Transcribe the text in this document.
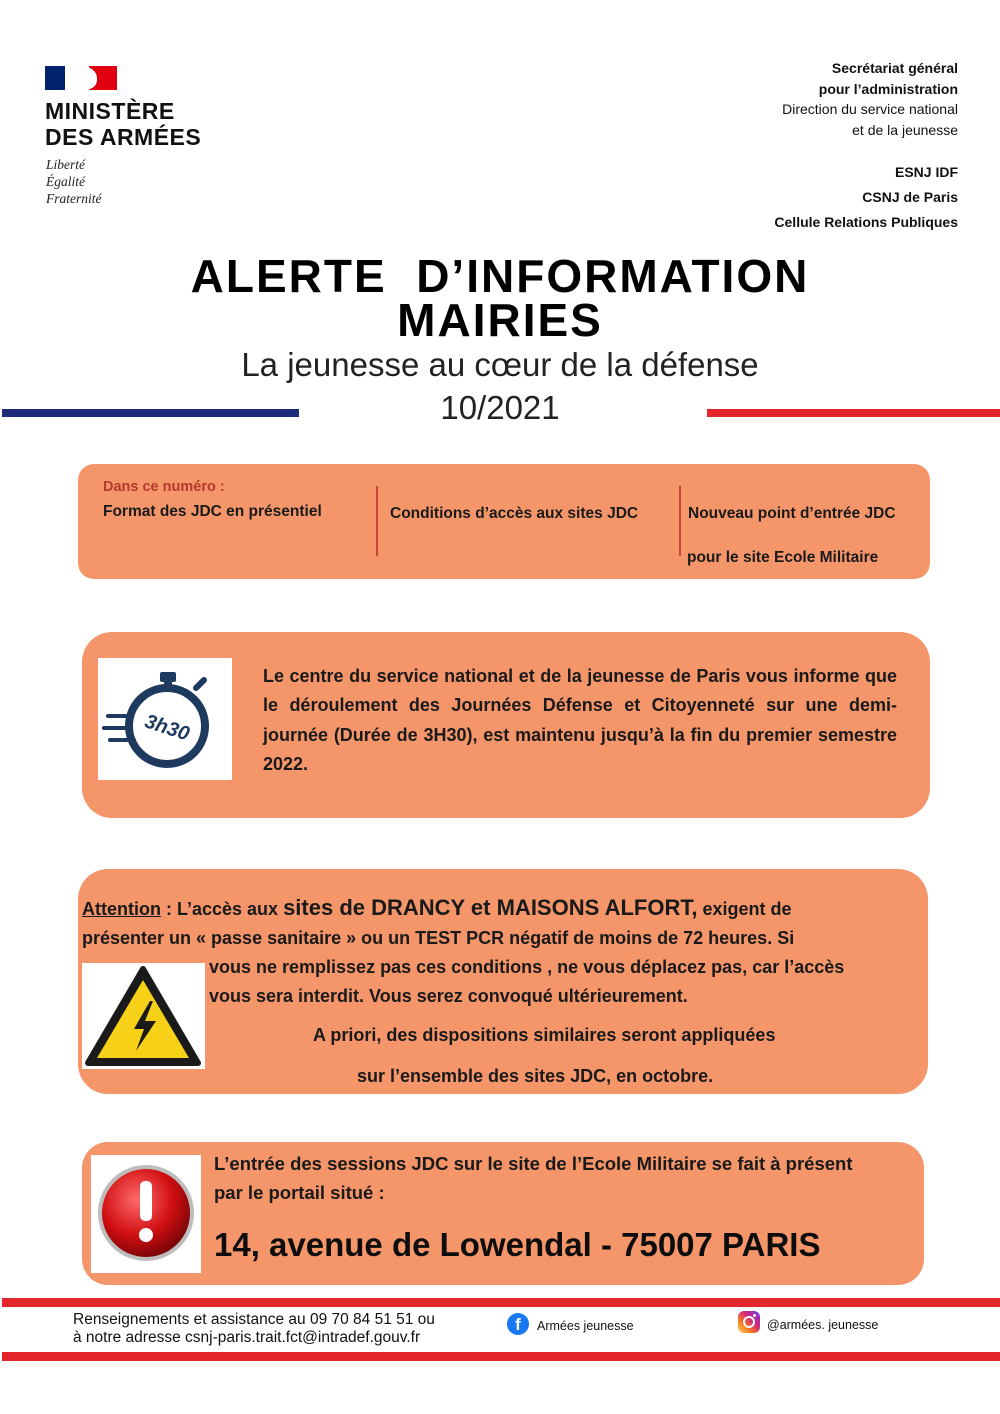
MINISTÈRE
DES ARMÉES
Liberté
Égalité
Fraternité
Secrétariat général
pour l’administration
Direction du service national
et de la jeunesse
ESNJ IDF
CSNJ de Paris
Cellule Relations Publiques
ALERTE  D’INFORMATION
MAIRIES
La jeunesse au cœur de la défense
10/2021
Dans ce numéro :
Format des JDC en présentiel	Conditions d’accès aux sites JDC	Nouveau point d’entrée JDC
pour le site Ecole Militaire
3h30
Le centre du service national et de la jeunesse de Paris vous informe que le déroulement des Journées Défense et Citoyenneté sur une demi-journée (Durée de 3H30), est maintenu jusqu’à la fin du premier semestre 2022.
Attention : L’accès aux sites de DRANCY et MAISONS ALFORT, exigent de
présenter un « passe sanitaire » ou un TEST PCR négatif de moins de 72 heures. Si
vous ne remplissez pas ces conditions , ne vous déplacez pas, car l’accès
vous sera interdit. Vous serez convoqué ultérieurement.
A priori, des dispositions similaires seront appliquées
sur l’ensemble des sites JDC, en octobre.
L’entrée des sessions JDC sur le site de l’Ecole Militaire se fait à présent
par le portail situé :
14, avenue de Lowendal - 75007 PARIS
Renseignements et assistance au 09 70 84 51 51 ou
à notre adresse csnj-paris.trait.fct@intradef.gouv.fr
f	Armées jeunesse	@armées. jeunesse
